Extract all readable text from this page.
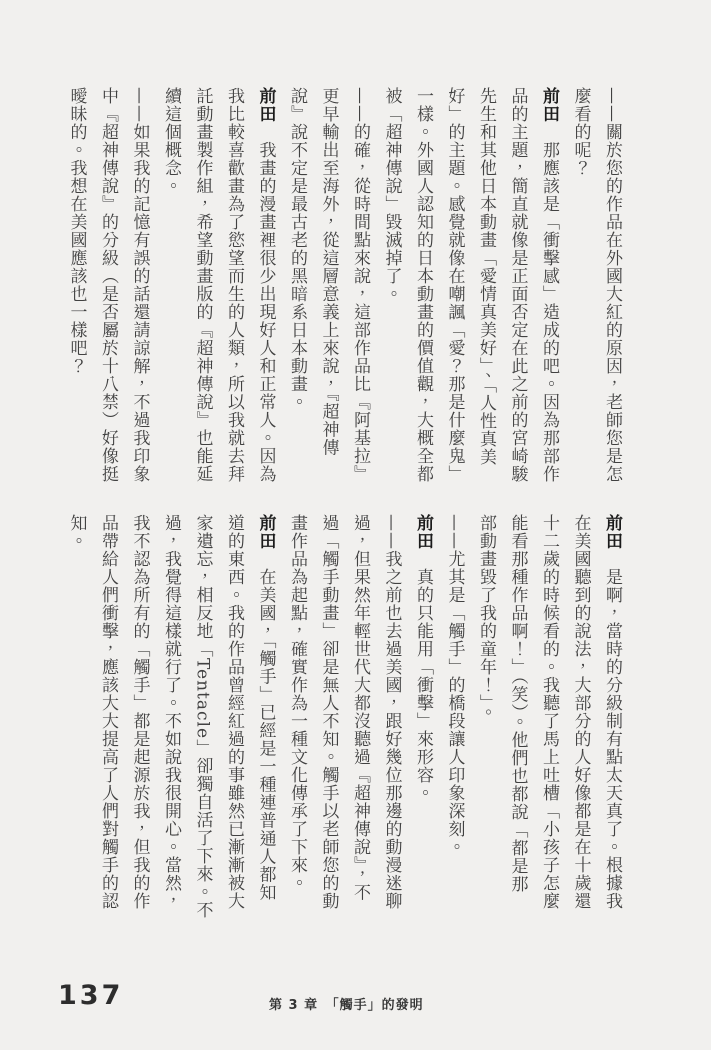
——關於您的作品在外國大紅的原因，老師您是怎
麼看的呢？
前田　那應該是「衝擊感」造成的吧。因為那部作
品的主題，簡直就像是正面否定在此之前的宮崎駿
先生和其他日本動畫「愛情真美好」、「人性真美
好」的主題。感覺就像在嘲諷「愛？那是什麼鬼」
一樣。外國人認知的日本動畫的價值觀，大概全都
被「超神傳說」毀滅掉了。
——的確，從時間點來說，這部作品比『阿基拉』
更早輸出至海外，從這層意義上來說，『超神傳
說』說不定是最古老的黑暗系日本動畫。
前田　我畫的漫畫裡很少出現好人和正常人。因為
我比較喜歡畫為了慾望而生的人類，所以我就去拜
託動畫製作組，希望動畫版的『超神傳說』也能延
續這個概念。
——如果我的記憶有誤的話還請諒解，不過我印象
中『超神傳說』的分級（是否屬於十八禁）好像挺
曖昧的。我想在美國應該也一樣吧？
前田　是啊，當時的分級制有點太天真了。根據我
在美國聽到的說法，大部分的人好像都是在十歲還
十二歲的時候看的。我聽了馬上吐槽「小孩子怎麼
能看那種作品啊！」（笑）。他們也都說「都是那
部動畫毀了我的童年！」。
——尤其是「觸手」的橋段讓人印象深刻。
前田　真的只能用「衝擊」來形容。
——我之前也去過美國，跟好幾位那邊的動漫迷聊
過，但果然年輕世代大都沒聽過『超神傳說』，不
過「觸手動畫」卻是無人不知。觸手以老師您的動
畫作品為起點，確實作為一種文化傳承了下來。
前田　在美國，「觸手」已經是一種連普通人都知
道的東西。我的作品曾經紅過的事雖然已漸漸被大
家遺忘，相反地「Tentacle」卻獨自活了下來。不
過，我覺得這樣就行了。不如說我很開心。當然，
我不認為所有的「觸手」都是起源於我，但我的作
品帶給人們衝擊，應該大大提高了人們對觸手的認
知。
137	第 3 章　「觸手」的發明
